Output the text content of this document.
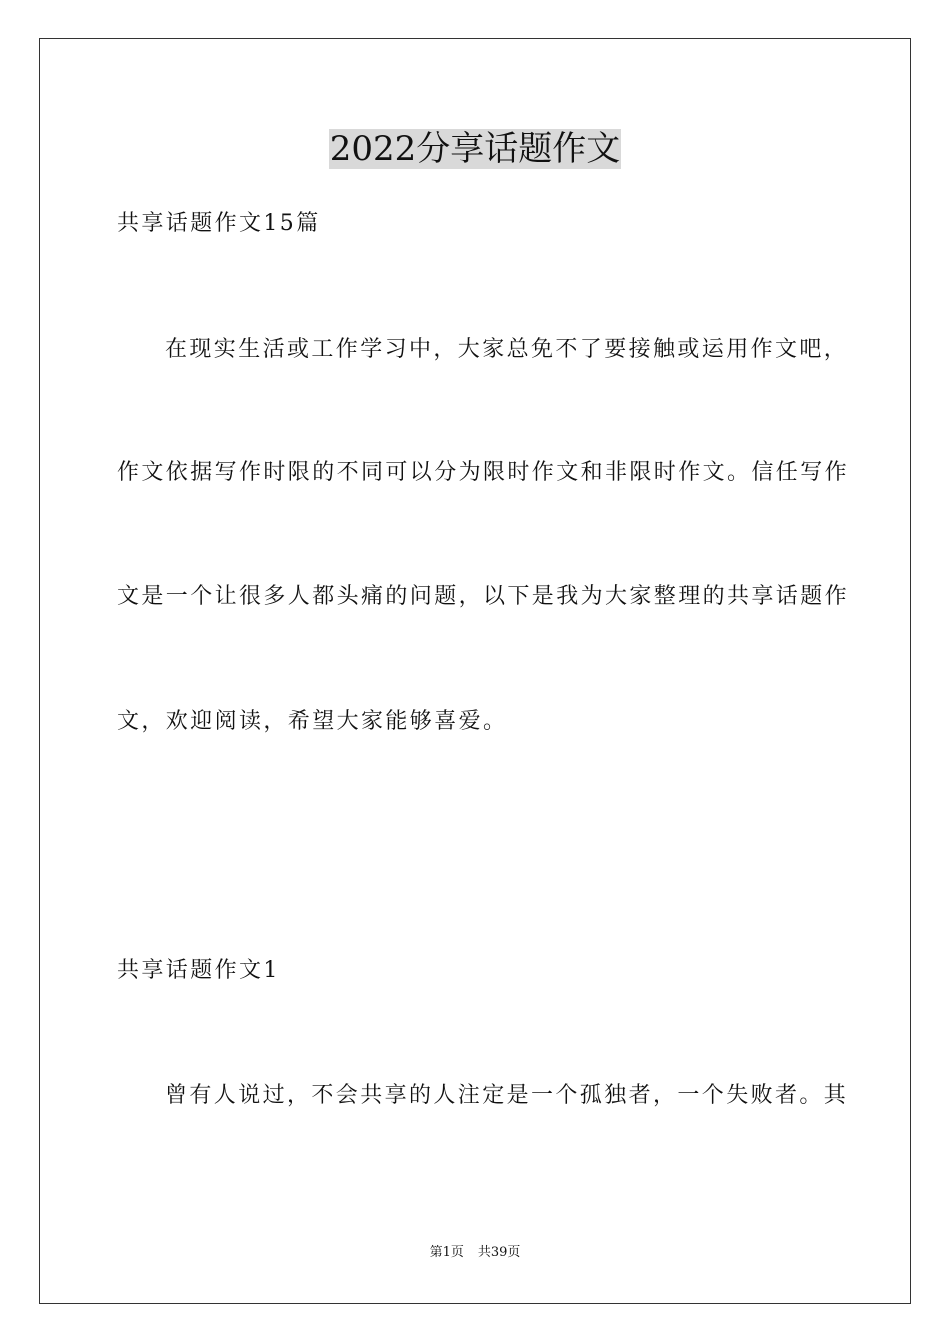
2022分享话题作文
共享话题作文15篇
在现实生活或工作学习中，大家总免不了要接触或运用作文吧，
作文依据写作时限的不同可以分为限时作文和非限时作文。信任写作
文是一个让很多人都头痛的问题，以下是我为大家整理的共享话题作
文，欢迎阅读，希望大家能够喜爱。
共享话题作文1
曾有人说过，不会共享的人注定是一个孤独者，一个失败者。其
第1页 共39页
